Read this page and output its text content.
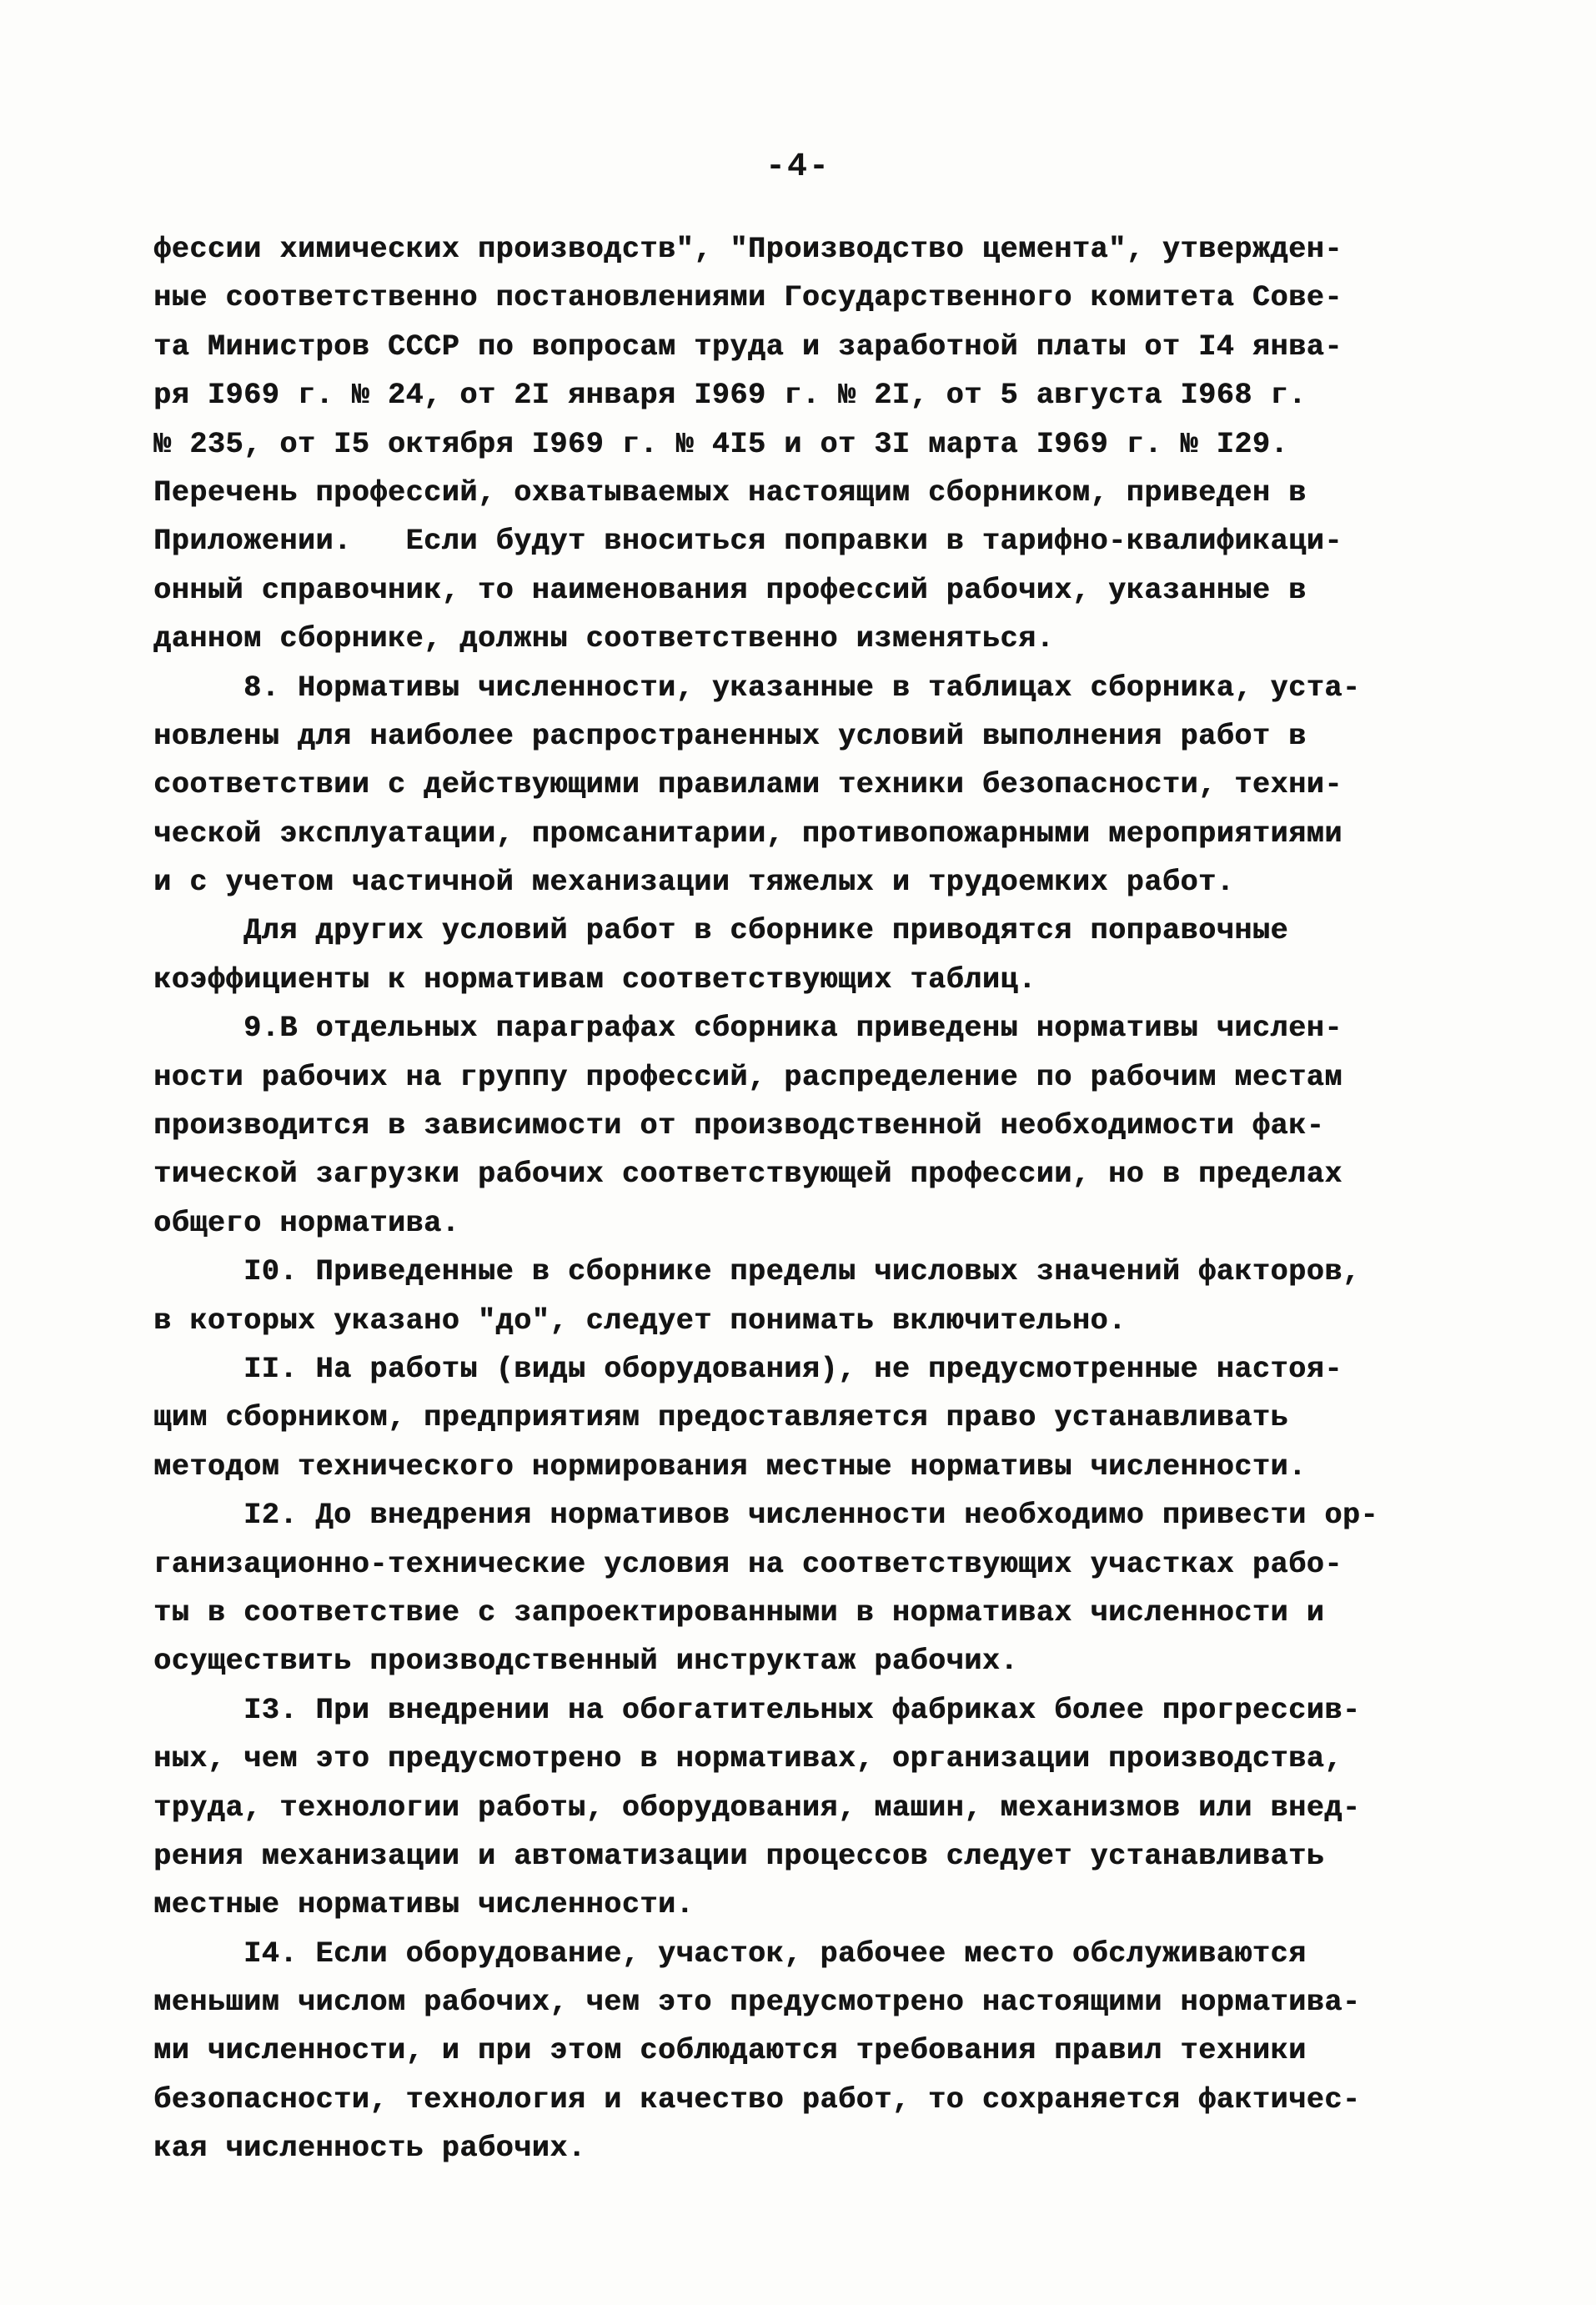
-4-
фессии химических производств", "Производство цемента", утвержден-
ные соответственно постановлениями Государственного комитета Сове-
та Министров СССР по вопросам труда и заработной платы от I4 янва-
ря I969 г. № 24, от 2I января I969 г. № 2I, от 5 августа I968 г.
№ 235, от I5 октября I969 г. № 4I5 и от 3I марта I969 г. № I29.
Перечень профессий, охватываемых настоящим сборником, приведен в
Приложении.   Если будут вноситься поправки в тарифно-квалификаци-
онный справочник, то наименования профессий рабочих, указанные в
данном сборнике, должны соответственно изменяться.
8. Нормативы численности, указанные в таблицах сборника, уста-
новлены для наиболее распространенных условий выполнения работ в
соответствии с действующими правилами техники безопасности, техни-
ческой эксплуатации, промсанитарии, противопожарными мероприятиями
и с учетом частичной механизации тяжелых и трудоемких работ.
Для других условий работ в сборнике приводятся поправочные
коэффициенты к нормативам соответствующих таблиц.
9.В отдельных параграфах сборника приведены нормативы числен-
ности рабочих на группу профессий, распределение по рабочим местам
производится в зависимости от производственной необходимости фак-
тической загрузки рабочих соответствующей профессии, но в пределах
общего норматива.
I0. Приведенные в сборнике пределы числовых значений факторов,
в которых указано "до", следует понимать включительно.
II. На работы (виды оборудования), не предусмотренные настоя-
щим сборником, предприятиям предоставляется право устанавливать
методом технического нормирования местные нормативы численности.
I2. До внедрения нормативов численности необходимо привести ор-
ганизационно-технические условия на соответствующих участках рабо-
ты в соответствие с запроектированными в нормативах численности и
осуществить производственный инструктаж рабочих.
I3. При внедрении на обогатительных фабриках более прогрессив-
ных, чем это предусмотрено в нормативах, организации производства,
труда, технологии работы, оборудования, машин, механизмов или внед-
рения механизации и автоматизации процессов следует устанавливать
местные нормативы численности.
I4. Если оборудование, участок, рабочее место обслуживаются
меньшим числом рабочих, чем это предусмотрено настоящими норматива-
ми численности, и при этом соблюдаются требования правил техники
безопасности, технология и качество работ, то сохраняется фактичес-
кая численность рабочих.
